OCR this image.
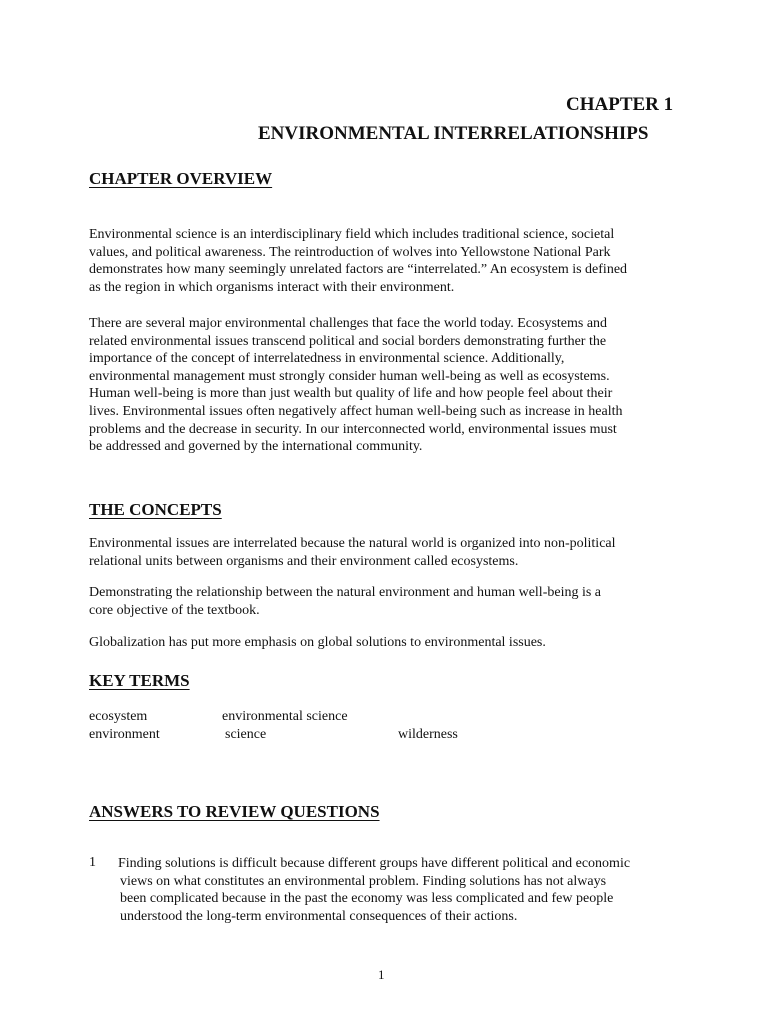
CHAPTER 1
ENVIRONMENTAL INTERRELATIONSHIPS
CHAPTER OVERVIEW
Environmental science is an interdisciplinary field which includes traditional science, societal
values, and political awareness. The reintroduction of wolves into Yellowstone National Park
demonstrates how many seemingly unrelated factors are “interrelated.” An ecosystem is defined
as the region in which organisms interact with their environment.
There are several major environmental challenges that face the world today. Ecosystems and
related environmental issues transcend political and social borders demonstrating further the
importance of the concept of interrelatedness in environmental science. Additionally,
environmental management must strongly consider human well-being as well as ecosystems.
Human well-being is more than just wealth but quality of life and how people feel about their
lives. Environmental issues often negatively affect human well-being such as increase in health
problems and the decrease in security. In our interconnected world, environmental issues must
be addressed and governed by the international community.
THE CONCEPTS
Environmental issues are interrelated because the natural world is organized into non-political
relational units between organisms and their environment called ecosystems.
Demonstrating the relationship between the natural environment and human well-being is a
core objective of the textbook.
Globalization has put more emphasis on global solutions to environmental issues.
KEY TERMS
ecosystem	environmental science
environment	science	wilderness
ANSWERS TO REVIEW QUESTIONS
1 Finding solutions is difficult because different groups have different political and economic
views on what constitutes an environmental problem. Finding solutions has not always
been complicated because in the past the economy was less complicated and few people
understood the long-term environmental consequences of their actions.
1
